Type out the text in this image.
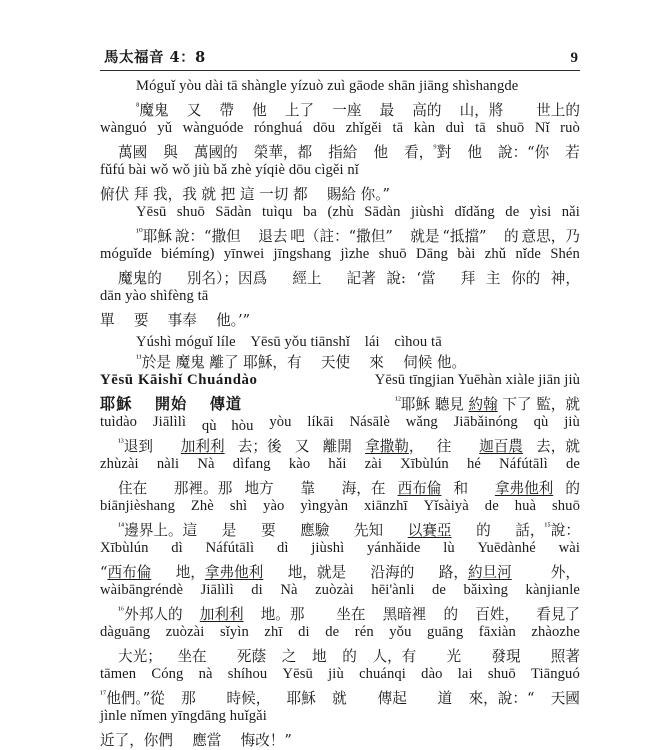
馬太福音 4：8	9
Móguǐ yòu dài tā shàngle yízuò zuì gāode shān jiāng shìshangde
$^{^8}$魔鬼 又 帶 他 上了 一座 最 高的 山，將 　世上的
wànguó yǔ wànguóde rónghuá dōu zhǐgěi tā kàn duì tā shuō Nǐ ruò
萬國 與 萬國的 榮華，都 指給 他 看，$^{^9}$對 他 說：“你 若
fǔfú bài wǒ wǒ jiù bǎ zhè yíqiè dōu cìgěi nǐ
俯伏 拜 我，我 就 把 這 一切 都 　賜給 你。”
Yēsū shuō Sādàn tuìqu ba (zhù Sādàn jiùshì dǐdǎng de yìsi nǎi
$^{^{10}}$耶穌 說：“撒但 　退去 吧（註：“撒但” 　就是 “抵擋” 　的 意思，乃
móguǐde biémíng) yīnwei jīngshang jìzhe shuō Dāng bài zhǔ nǐde Shén
魔鬼的 　別名）；因爲 　經上 　記著 說: ‘當 　拜 主 你的 神，
dān yào shìfèng tā
單 　要 　事奉 　他。’”
Yúshì móguǐ líle　Yēsū yǒu tiānshǐ　lái　cìhou tā
$^{^{11}}$於是 魔鬼 離了 耶穌，有 　天使 　來 　伺候 他。
Yēsū Kāishǐ Chuándào	Yēsū tīngjian Yuēhàn xiàle jiān jiù
耶穌 　開始 　傳道	$^{^{12}}$耶穌 聽見 約翰 下了 監，就
tuìdào Jiālìlì qù　hòu yòu líkāi Násālè wǎng Jiābǎinóng qù jiù
$^{^{13}}$退到
　	加利利 去；後 又 離開 拿撒勒， 往
　	迦百農 去，就
zhùzài nàli Nà dìfang kào hǎi zài Xībùlún hé Náfútālì de
住在 　那裡。那 地方 　靠 　海，在 西布倫 和
　	拿弗他利 的
biānjièshang Zhè shì yào yìngyàn xiānzhī Yǐsàiyà de huà shuō
$^{^{14}}$邊界上。這 是 要 應驗 先知 以賽亞 的 話，$^{^{15}}$說：
Xībùlún dì Náfútālì dì jiùshì yánhǎide lù Yuēdànhé wài
“西布倫 地，拿弗他利 地，就是 沿海的 路，約旦河 　外，
wàibāngréndè Jiālìlì di Nà zuòzài hēi'ànli de bǎixìng kànjianle
$^{^{16}}$外邦人的 加利利 地。那 　坐在 黑暗裡 的 百姓， 看見了
dàguāng zuòzài sǐyìn zhī di de rén yǒu guāng fāxiàn zhàozhe
大光； 坐在 　死蔭 之 地 的 人，有 　光 　發現 　照著
tāmen Cóng nà shíhou Yēsū jiù chuánqi dào lai shuō Tiānguó
$^{^{17}}$他們。”從 那 　時候， 耶穌 就 　傳起 　道 來，說：“ 天國
jìnle nǐmen yīngdāng huǐgǎi
近了，你們 　應當 　悔改！”
